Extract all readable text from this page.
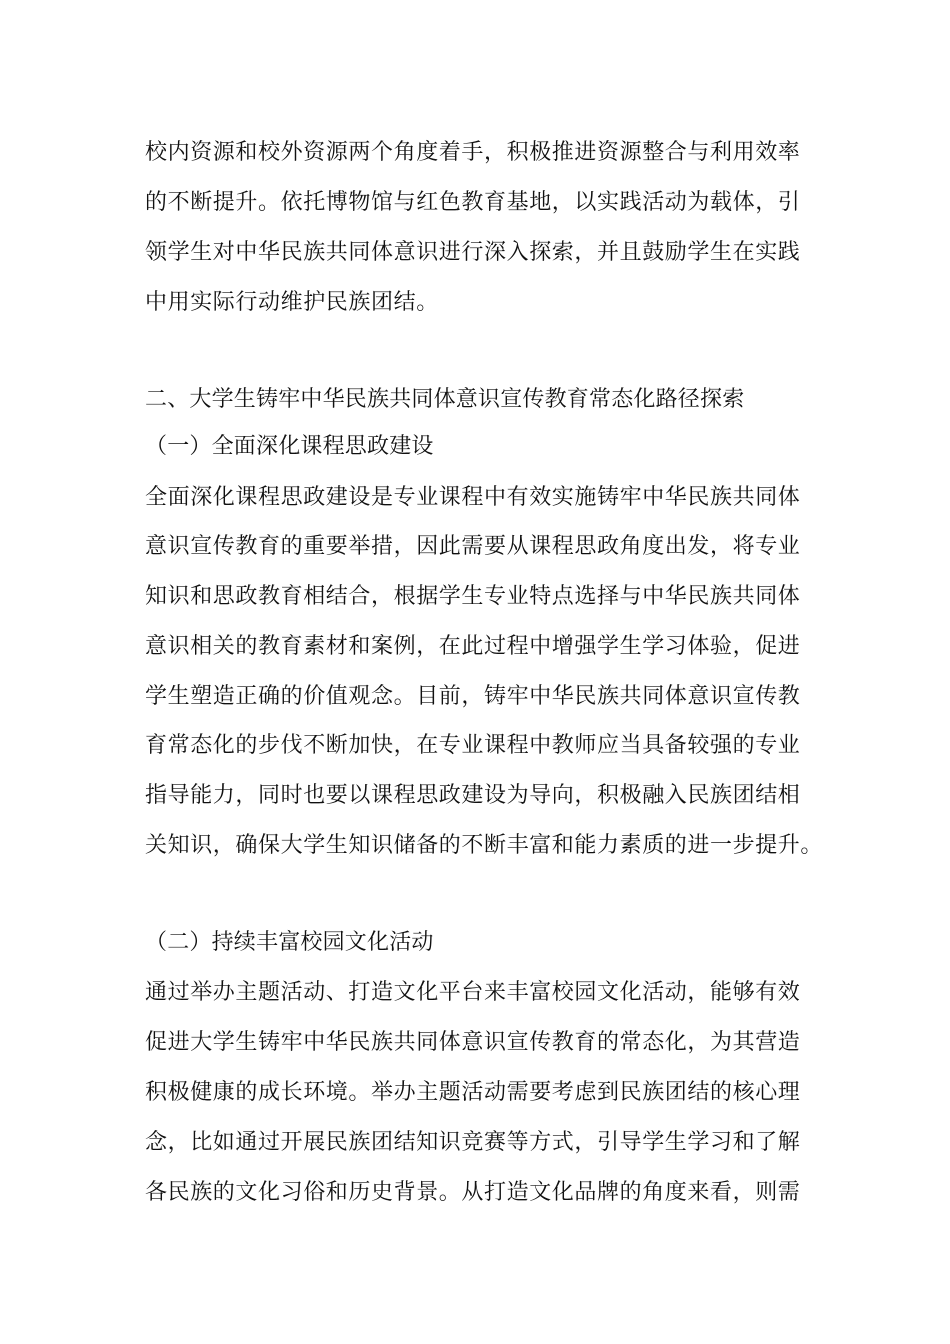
校内资源和校外资源两个角度着手，积极推进资源整合与利用效率
的不断提升。依托博物馆与红色教育基地，以实践活动为载体，引
领学生对中华民族共同体意识进行深入探索，并且鼓励学生在实践
中用实际行动维护民族团结。
二、大学生铸牢中华民族共同体意识宣传教育常态化路径探索
（一）全面深化课程思政建设
全面深化课程思政建设是专业课程中有效实施铸牢中华民族共同体
意识宣传教育的重要举措，因此需要从课程思政角度出发，将专业
知识和思政教育相结合，根据学生专业特点选择与中华民族共同体
意识相关的教育素材和案例，在此过程中增强学生学习体验，促进
学生塑造正确的价值观念。目前，铸牢中华民族共同体意识宣传教
育常态化的步伐不断加快，在专业课程中教师应当具备较强的专业
指导能力，同时也要以课程思政建设为导向，积极融入民族团结相
关知识，确保大学生知识储备的不断丰富和能力素质的进一步提升。
（二）持续丰富校园文化活动
通过举办主题活动、打造文化平台来丰富校园文化活动，能够有效
促进大学生铸牢中华民族共同体意识宣传教育的常态化，为其营造
积极健康的成长环境。举办主题活动需要考虑到民族团结的核心理
念，比如通过开展民族团结知识竞赛等方式，引导学生学习和了解
各民族的文化习俗和历史背景。从打造文化品牌的角度来看，则需
